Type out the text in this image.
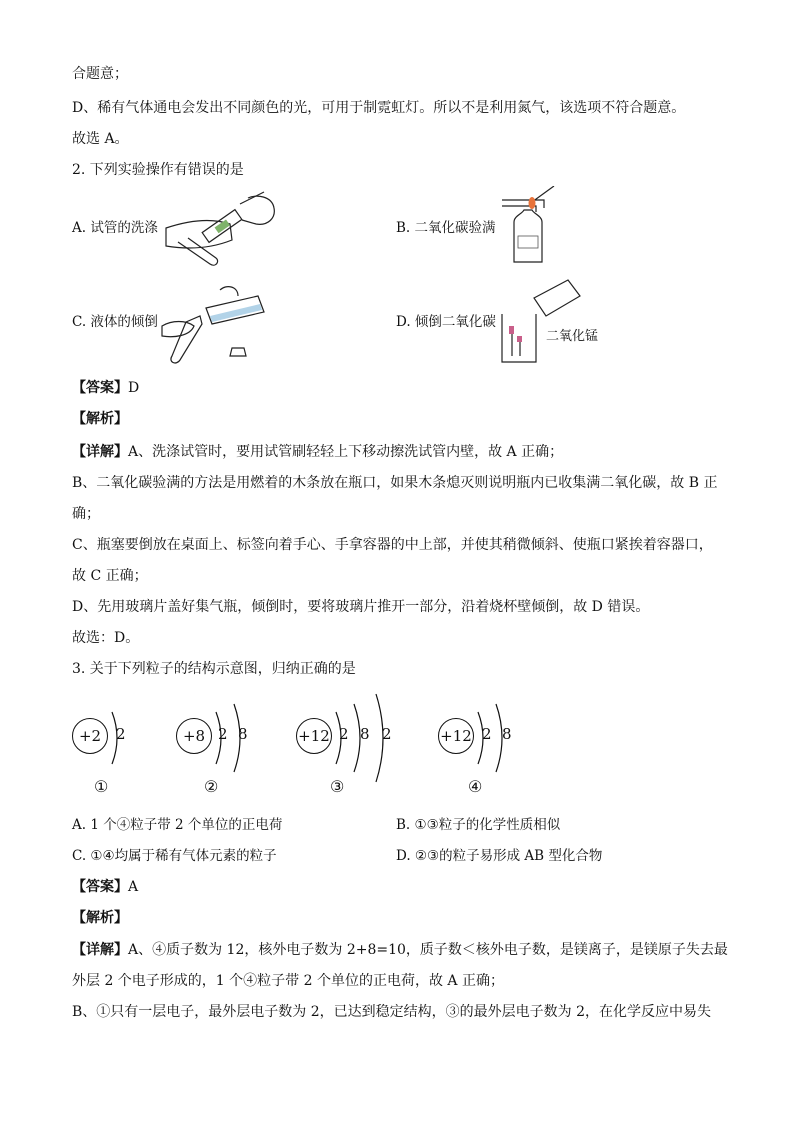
合题意；
D、稀有气体通电会发出不同颜色的光，可用于制霓虹灯。所以不是利用氮气，该选项不符合题意。
故选 A。
2. 下列实验操作有错误的是
A. 试管的洗涤	B. 二氧化碳验满
C. 液体的倾倒	D. 倾倒二氧化碳
二氧化锰
【答案】D
【解析】
【详解】A、洗涤试管时，要用试管刷轻轻上下移动擦洗试管内壁，故 A 正确；
B、二氧化碳验满的方法是用燃着的木条放在瓶口，如果木条熄灭则说明瓶内已收集满二氧化碳，故 B 正
确；
C、瓶塞要倒放在桌面上、标签向着手心、手拿容器的中上部，并使其稍微倾斜、使瓶口紧挨着容器口，
故 C 正确；
D、先用玻璃片盖好集气瓶，倾倒时，要将玻璃片推开一部分，沿着烧杯壁倾倒，故 D 错误。
故选：D。
3. 关于下列粒子的结构示意图，归纳正确的是
+2 2
①
+8 2 8
②
+12 2 8 2
③
+12 2 8
④
A. 1 个④粒子带 2 个单位的正电荷	B. ①③粒子的化学性质相似
C. ①④均属于稀有气体元素的粒子	D. ②③的粒子易形成 AB 型化合物
【答案】A
【解析】
【详解】A、④质子数为 12，核外电子数为 2+8=10，质子数＜核外电子数，是镁离子，是镁原子失去最
外层 2 个电子形成的，1 个④粒子带 2 个单位的正电荷，故 A 正确；
B、①只有一层电子，最外层电子数为 2，已达到稳定结构，③的最外层电子数为 2，在化学反应中易失
